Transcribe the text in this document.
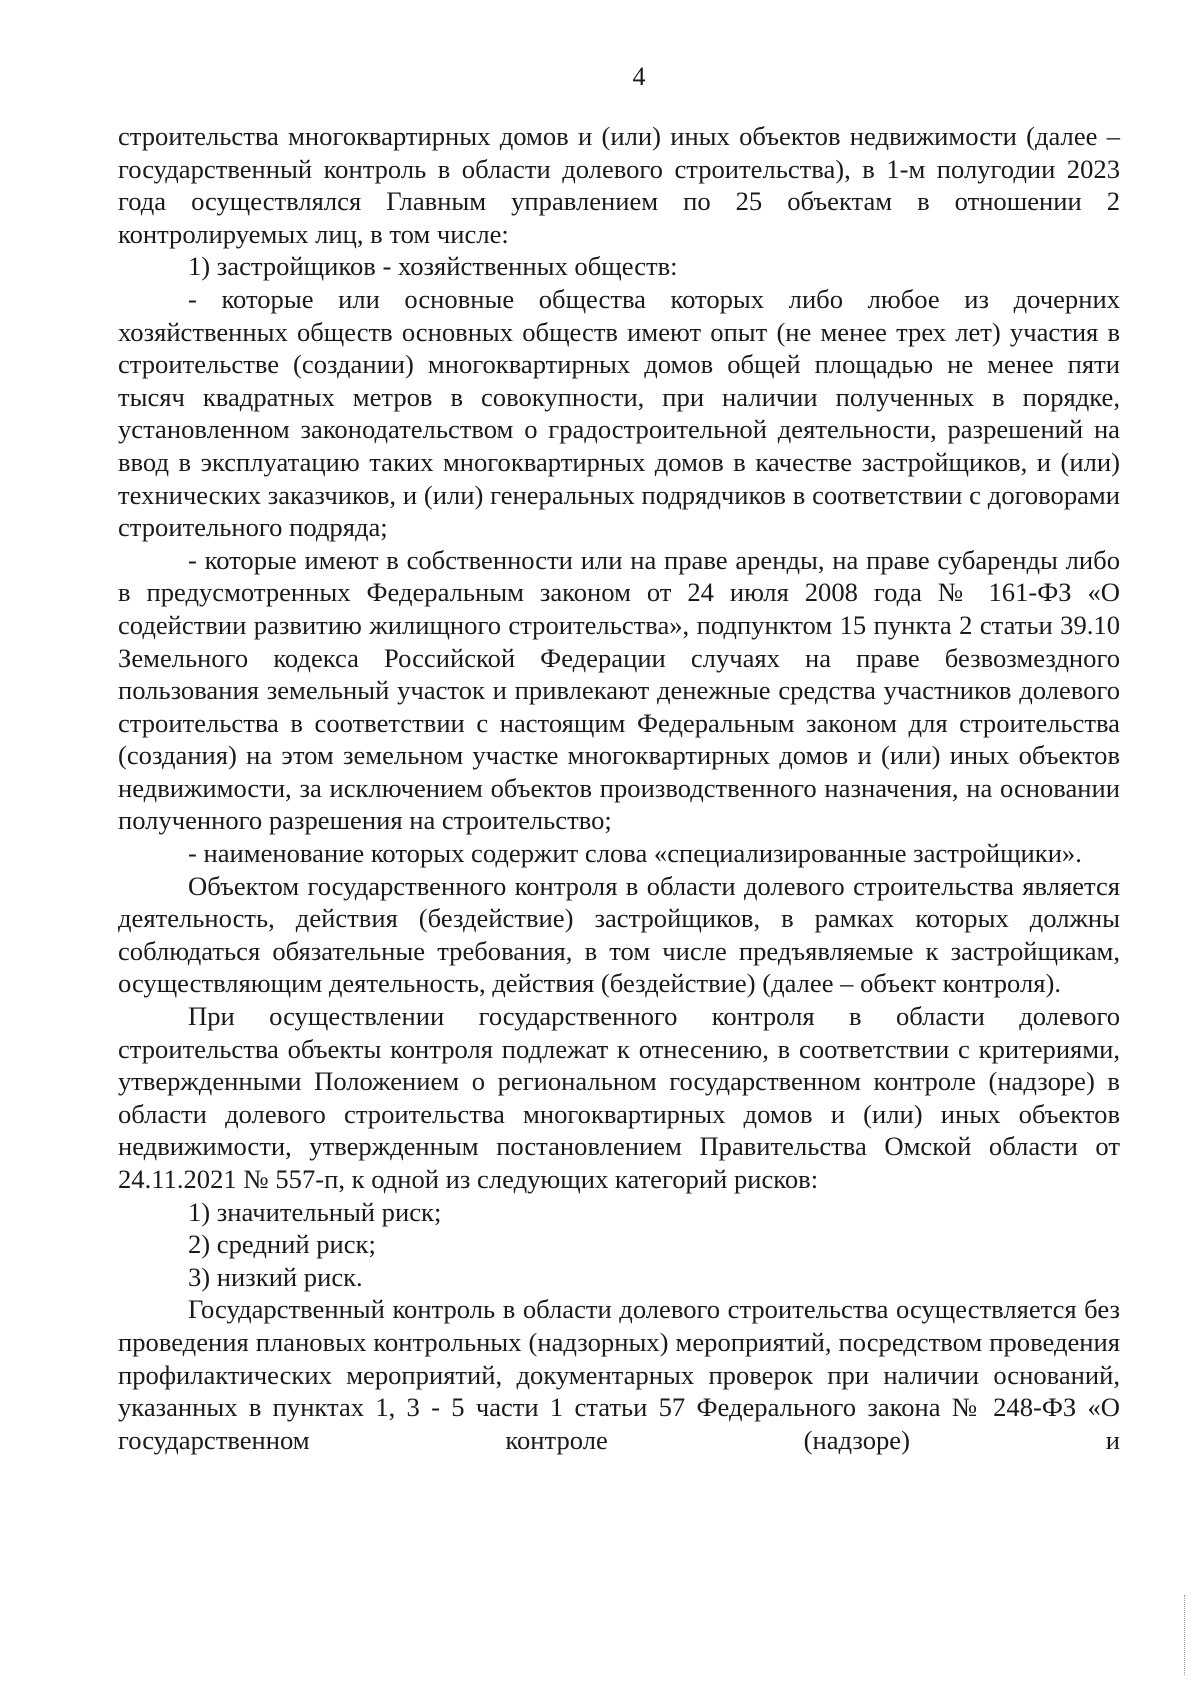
4

строительства многоквартирных домов и (или) иных объектов недвижимости (далее – государственный контроль в области долевого строительства), в 1-м полугодии 2023 года осуществлялся Главным управлением по 25 объектам в отношении 2 контролируемых лиц, в том числе:

1) застройщиков - хозяйственных обществ:

- которые или основные общества которых либо любое из дочерних хозяйственных обществ основных обществ имеют опыт (не менее трех лет) участия в строительстве (создании) многоквартирных домов общей площадью не менее пяти тысяч квадратных метров в совокупности, при наличии полученных в порядке, установленном законодательством о градостроительной деятельности, разрешений на ввод в эксплуатацию таких многоквартирных домов в качестве застройщиков, и (или) технических заказчиков, и (или) генеральных подрядчиков в соответствии с договорами строительного подряда;

- которые имеют в собственности или на праве аренды, на праве субаренды либо в предусмотренных Федеральным законом от 24 июля 2008 года № 161-ФЗ «О содействии развитию жилищного строительства», подпунктом 15 пункта 2 статьи 39.10 Земельного кодекса Российской Федерации случаях на праве безвозмездного пользования земельный участок и привлекают денежные средства участников долевого строительства в соответствии с настоящим Федеральным законом для строительства (создания) на этом земельном участке многоквартирных домов и (или) иных объектов недвижимости, за исключением объектов производственного назначения, на основании полученного разрешения на строительство;

- наименование которых содержит слова «специализированные застройщики».

Объектом государственного контроля в области долевого строительства является деятельность, действия (бездействие) застройщиков, в рамках которых должны соблюдаться обязательные требования, в том числе предъявляемые к застройщикам, осуществляющим деятельность, действия (бездействие) (далее – объект контроля).

При осуществлении государственного контроля в области долевого строительства объекты контроля подлежат к отнесению, в соответствии с критериями, утвержденными Положением о региональном государственном контроле (надзоре) в области долевого строительства многоквартирных домов и (или) иных объектов недвижимости, утвержденным постановлением Правительства Омской области от 24.11.2021 № 557-п, к одной из следующих категорий рисков:

1) значительный риск;

2) средний риск;

3) низкий риск.

Государственный контроль в области долевого строительства осуществляется без проведения плановых контрольных (надзорных) мероприятий, посредством проведения профилактических мероприятий, документарных проверок при наличии оснований, указанных в пунктах 1, 3 - 5 части 1 статьи 57 Федерального закона № 248-ФЗ «О государственном контроле (надзоре) и
